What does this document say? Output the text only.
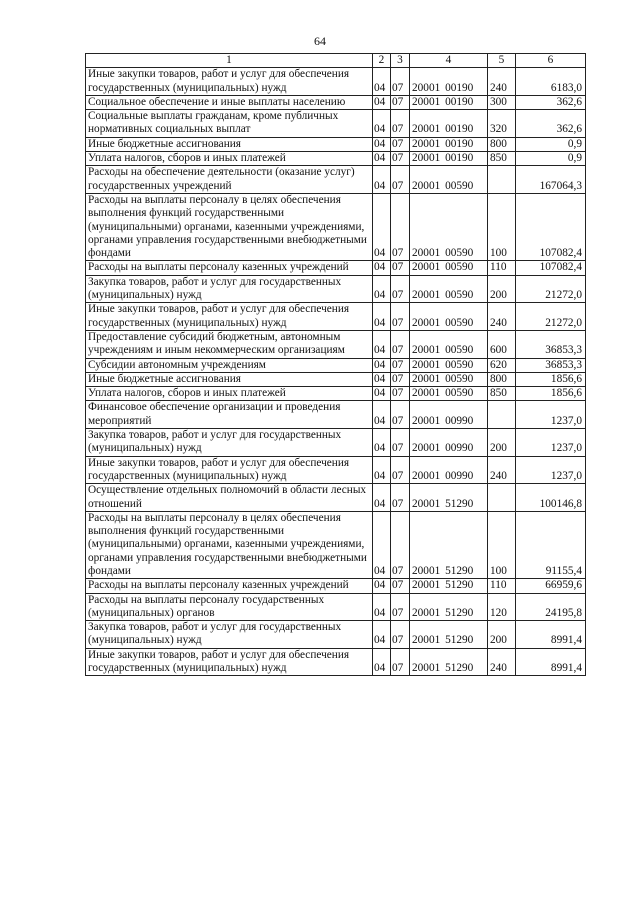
64
1	2	3	4	5	6
Иные закупки товаров, работ и услуг для обеспечения государственных (муниципальных) нужд	04	07	20001 00190	240	6183,0
Социальное обеспечение и иные выплаты населению	04	07	20001 00190	300	362,6
Социальные выплаты гражданам, кроме публичных нормативных социальных выплат	04	07	20001 00190	320	362,6
Иные бюджетные ассигнования	04	07	20001 00190	800	0,9
Уплата налогов, сборов и иных платежей	04	07	20001 00190	850	0,9
Расходы на обеспечение деятельности (оказание услуг) государственных учреждений	04	07	20001 00590		167064,3
Расходы на выплаты персоналу в целях обеспечения выполнения функций государственными (муниципальными) органами, казенными учреждениями, органами управления государственными внебюджетными фондами	04	07	20001 00590	100	107082,4
Расходы на выплаты персоналу казенных учреждений	04	07	20001 00590	110	107082,4
Закупка товаров, работ и услуг для государственных (муниципальных) нужд	04	07	20001 00590	200	21272,0
Иные закупки товаров, работ и услуг для обеспечения государственных (муниципальных) нужд	04	07	20001 00590	240	21272,0
Предоставление субсидий бюджетным, автономным учреждениям и иным некоммерческим организациям	04	07	20001 00590	600	36853,3
Субсидии автономным учреждениям	04	07	20001 00590	620	36853,3
Иные бюджетные ассигнования	04	07	20001 00590	800	1856,6
Уплата налогов, сборов и иных платежей	04	07	20001 00590	850	1856,6
Финансовое обеспечение организации и проведения мероприятий	04	07	20001 00990		1237,0
Закупка товаров, работ и услуг для государственных (муниципальных) нужд	04	07	20001 00990	200	1237,0
Иные закупки товаров, работ и услуг для обеспечения государственных (муниципальных) нужд	04	07	20001 00990	240	1237,0
Осуществление отдельных полномочий в области лесных отношений	04	07	20001 51290		100146,8
Расходы на выплаты персоналу в целях обеспечения выполнения функций государственными (муниципальными) органами, казенными учреждениями, органами управления государственными внебюджетными фондами	04	07	20001 51290	100	91155,4
Расходы на выплаты персоналу казенных учреждений	04	07	20001 51290	110	66959,6
Расходы на выплаты персоналу государственных (муниципальных) органов	04	07	20001 51290	120	24195,8
Закупка товаров, работ и услуг для государственных (муниципальных) нужд	04	07	20001 51290	200	8991,4
Иные закупки товаров, работ и услуг для обеспечения государственных (муниципальных) нужд	04	07	20001 51290	240	8991,4
